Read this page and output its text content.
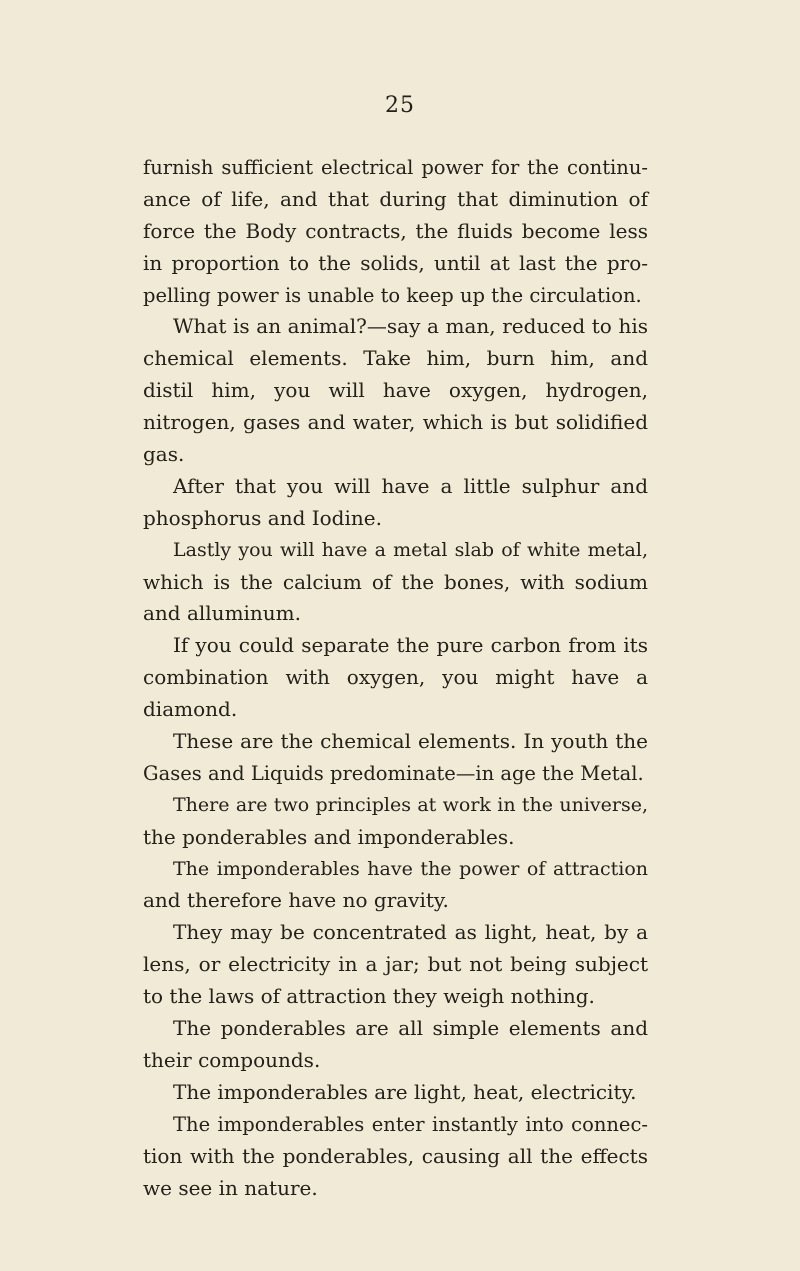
25
furnish sufficient electrical power for the continu-
ance of life, and that during that diminution of
force the Body contracts, the fluids become less
in proportion to the solids, until at last the pro-
pelling power is unable to keep up the circulation.
What is an animal?—say a man, reduced to his
chemical elements. Take him, burn him, and
distil him, you will have oxygen, hydrogen,
nitrogen, gases and water, which is but solidified
gas.
After that you will have a little sulphur and
phosphorus and Iodine.
Lastly you will have a metal slab of white metal,
which is the calcium of the bones, with sodium
and alluminum.
If you could separate the pure carbon from its
combination with oxygen, you might have a
diamond.
These are the chemical elements. In youth the
Gases and Liquids predominate—in age the Metal.
There are two principles at work in the universe,
the ponderables and imponderables.
The imponderables have the power of attraction
and therefore have no gravity.
They may be concentrated as light, heat, by a
lens, or electricity in a jar; but not being subject
to the laws of attraction they weigh nothing.
The ponderables are all simple elements and
their compounds.
The imponderables are light, heat, electricity.
The imponderables enter instantly into connec-
tion with the ponderables, causing all the effects
we see in nature.
